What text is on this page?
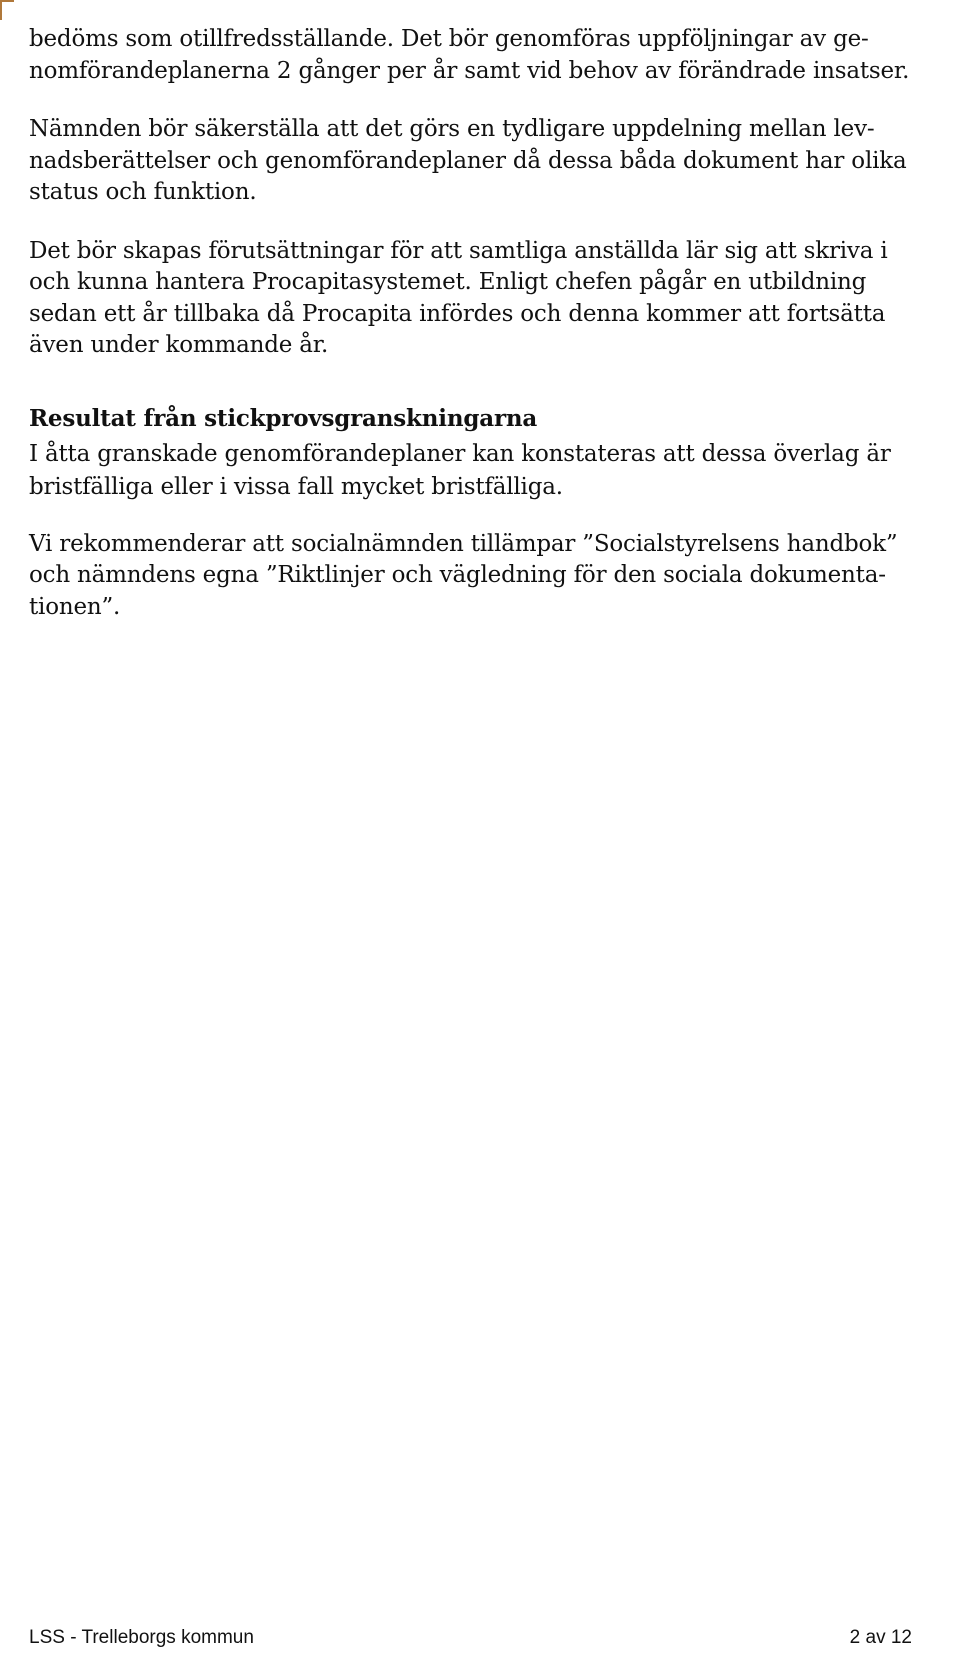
bedöms som otillfredsställande. Det bör genomföras uppföljningar av ge-
nomförandeplanerna 2 gånger per år samt vid behov av förändrade insatser.

Nämnden bör säkerställa att det görs en tydligare uppdelning mellan lev-
nadsberättelser och genomförandeplaner då dessa båda dokument har olika
status och funktion.

Det bör skapas förutsättningar för att samtliga anställda lär sig att skriva i
och kunna hantera Procapitasystemet. Enligt chefen pågår en utbildning
sedan ett år tillbaka då Procapita infördes och denna kommer att fortsätta
även under kommande år.

Resultat från stickprovsgranskningarna

I åtta granskade genomförandeplaner kan konstateras att dessa överlag är
bristfälliga eller i vissa fall mycket bristfälliga.

Vi rekommenderar att socialnämnden tillämpar ”Socialstyrelsens handbok”
och nämndens egna ”Riktlinjer och vägledning för den sociala dokumenta-
tionen”.

LSS - Trelleborgs kommun	2 av 12
